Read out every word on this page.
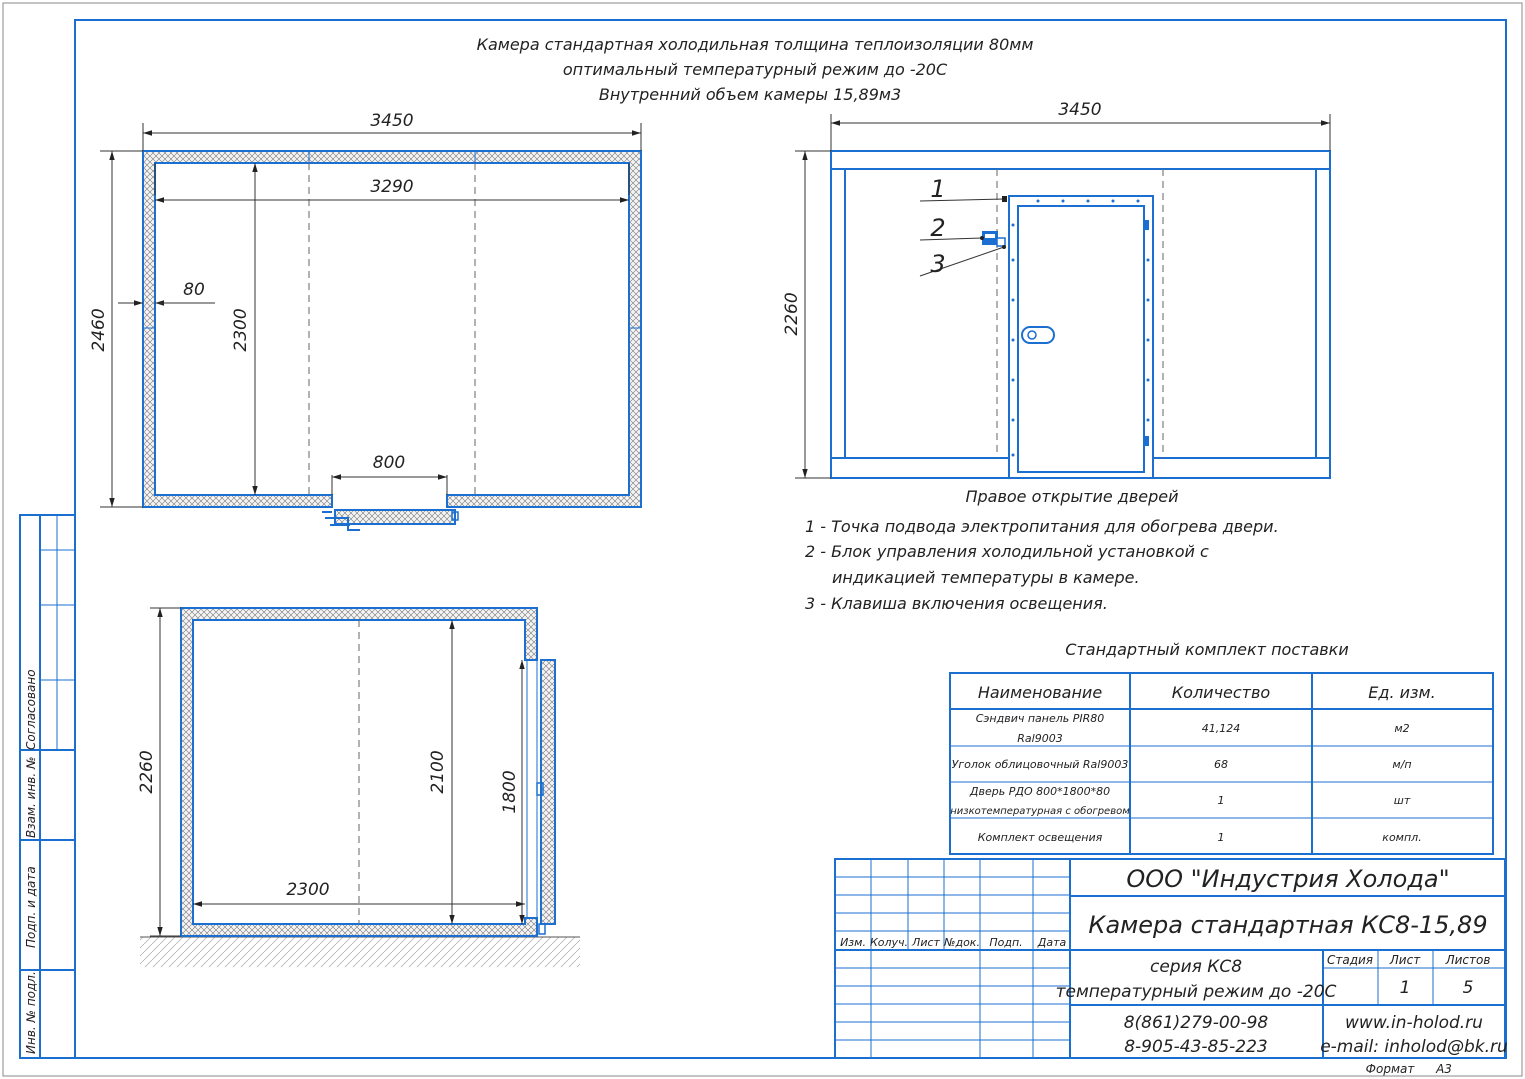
Согласовано
Взам. инв. №
Подп. и дата
Инв. № подл.
Камера стандартная холодильная толщина теплоизоляции 80мм
оптимальный температурный режим до -20С
Внутренний объем камеры 15,89м3
3450
3290
2460	2300
80
800
2260	2100	1800
2300
1
2
3
3450
2260
Правое открытие дверей
1 - Точка подвода электропитания для обогрева двери.
2 - Блок управления холодильной установкой с
индикацией температуры в камере.
3 - Клавиша включения освещения.
Стандартный комплект поставки
Наименование	Количество	Ед. изм.
Сэндвич панель PIR80
Ral9003
41,124	м2
Уголок облицовочный Ral9003	68	м/п
Дверь РДО 800*1800*80
низкотемпературная с обогревом
1	шт
Комплект освещения	1	компл.
Изм. Колуч. Лист №док. Подп. Дата
ООО "Индустрия Холода"
Камера стандартная КС8-15,89
серия КС8
температурный режим до -20С
8(861)279-00-98
8-905-43-85-223
Стадия Лист Листов
1	5
www.in-holod.ru
e-mail: inholod@bk.ru
Формат А3
